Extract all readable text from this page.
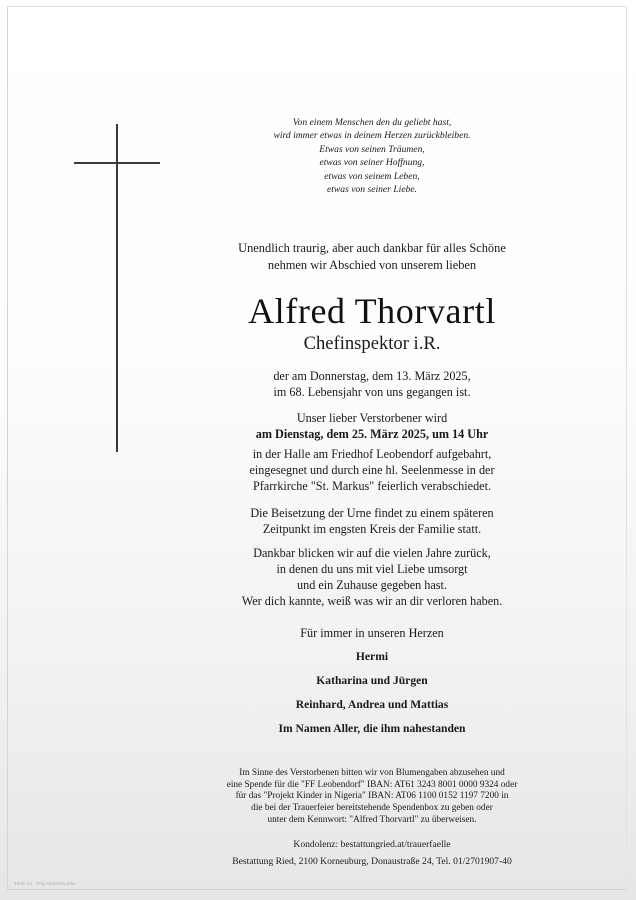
Von einem Menschen den du geliebt hast,
wird immer etwas in deinem Herzen zurückbleiben.
Etwas von seinen Träumen,
etwas von seiner Hoffnung,
etwas von seinem Leben,
etwas von seiner Liebe.
Unendlich traurig, aber auch dankbar für alles Schöne
nehmen wir Abschied von unserem lieben
Alfred Thorvartl
Chefinspektor i.R.
der am Donnerstag, dem 13. März 2025,
im 68. Lebensjahr von uns gegangen ist.
Unser lieber Verstorbener wird
am Dienstag, dem 25. März 2025, um 14 Uhr
in der Halle am Friedhof Leobendorf aufgebahrt,
eingesegnet und durch eine hl. Seelenmesse in der
Pfarrkirche "St. Markus" feierlich verabschiedet.
Die Beisetzung der Urne findet zu einem späteren
Zeitpunkt im engsten Kreis der Familie statt.
Dankbar blicken wir auf die vielen Jahre zurück,
in denen du uns mit viel Liebe umsorgt
und ein Zuhause gegeben hast.
Wer dich kannte, weiß was wir an dir verloren haben.
Für immer in unseren Herzen
Hermi
Katharina und Jürgen
Reinhard, Andrea und Mattias
Im Namen Aller, die ihm nahestanden
Im Sinne des Verstorbenen bitten wir von Blumengaben abzusehen und
eine Spende für die "FF Leobendorf" IBAN: AT61 3243 8001 0000 9324 oder
für das "Projekt Kinder in Nigeria" IBAN: AT06 1100 0152 1197 7200 in
die bei der Trauerfeier bereitstehende Spendenbox zu geben oder
unter dem Kennwort: "Alfred Thorvartl" zu überweisen.
Kondolenz: bestattungried.at/trauerfaelle
Bestattung Ried, 2100 Korneuburg, Donaustraße 24, Tel. 01/2701907-40
4949-10 · D'lg Lirsch/Auslke
